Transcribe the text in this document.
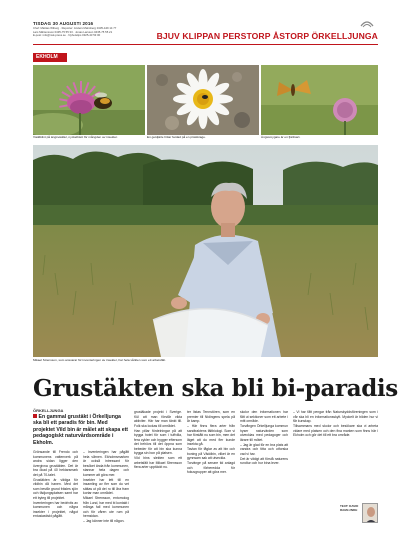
TISDAG 30 AUGUSTI 2016
Chef: Mattias Wiberg · Reporter: Anders Malmberg 0435-449 14 77
Lars Mårtensson 0435-75 55 33 · Jonas Larsson 0435-75 55 21
E-post: info@nsk-press.se · Nyhetstips 0325-43 53 00	BJUV KLIPPAN PERSTORP ÅSTORP ÖRKELLJUNGA
EKHOLM
Väddklint på ängsväddel, nyckelblett för mångden av insekter.	En getdjärle hittar fardad på en prästkrage.	Ängssmygare är en fjärilsart.
Mikael Strensson, som ansvarar för inventeringen av insekter, har hela vårklen som ett arbetsfält.
Grustäkten ska bli bi-paradis
ÖRKELLJUNGA
En gammal grustäkt i Örkelljunga ska bli ett paradis för bin. Med projektet Vild bin är målet att skapa ett pedagogiskt naturvårdsområde i Ekholm.

Grönsande till Frendo och kommunens vattenverk på andra sidan ligger den övergivna grustäkten. Det är bra ökad på 40 hektarsmark det på 70-talet.

Grustäkten är viktiga för vildbin då hanen. Med det som består grund fräsles sjön och fädjungsplatsen samt har ett byteg till projektet.

Inventeringen har bedrivits av kommunen och några insekter i projektet, något entusiastiskt pågått.

– Inventeringen har pågått hela vårnen. Ekholmsmarken är också intressant för besöket ända från kommunen, stannar hela dagen och kommer att göra mer.

Insekter har lett till en insamling av fler som du vet sättas ut på dei ro till åra fram kortar man området.

Mikael Strensson, entomolog från Lund, har med bi kontakt i många fall med kommunen och för våren ute rum på hemsidan.

– Jag känner inte till någon.

grustäkade projekt i Sverige. Kül att man förstår vikta aktiviter. Här har man tänkt till. Folk ska lockas till området.

Han pillar fördelningar på att bygga hotet för som i tuffvilla, fera cykler och bygger eftersom det behövs till det öppna som bebeder för att bin ska kunna bygga sin bon på platsen.

Vild bins slekten som ett arbetsfält har Mikael Strensson flera arter upptäckt nu.

ter listas Tennstören, som en premier till Nidingens spela på år kamp.

– Här finns flera arter från sandtraktens fältbiologi. Som vi har förstått nu som bin, men det läget att du med fler kunde insekta gå.

Tavlan för fåglar av att bin och boning på Väddbin, vilket är en gynnsam sak att utveckla.

Torvänge på senare tid anlagd och förberedda för fokusgrupper att göra mer.

skolor den informationen har fått ut sektioner som ett arbete i mitt område.

Torvången Örkelljunga kommun hyser naturvärden som utvecklas med pedagoger och lärare till mötet.

– Jag är glad för en bra plats att vandra och titta och utforska vad vi har.

Det är viktigt att förstå naturens rundtur och hur bina lever.

– Vi har fått pengar från Naturskyddsföreningen som i vår ska bli en informationsskylt. Myckelt är bilden hur vi får kunskap.

Tillsammans med skolor och besökare ska vi arbeta vidare med platsen och den fina marken som finns här i Ekholm och gör det till ett bra område.

TEXT: DAVID
RAMLUNDH
